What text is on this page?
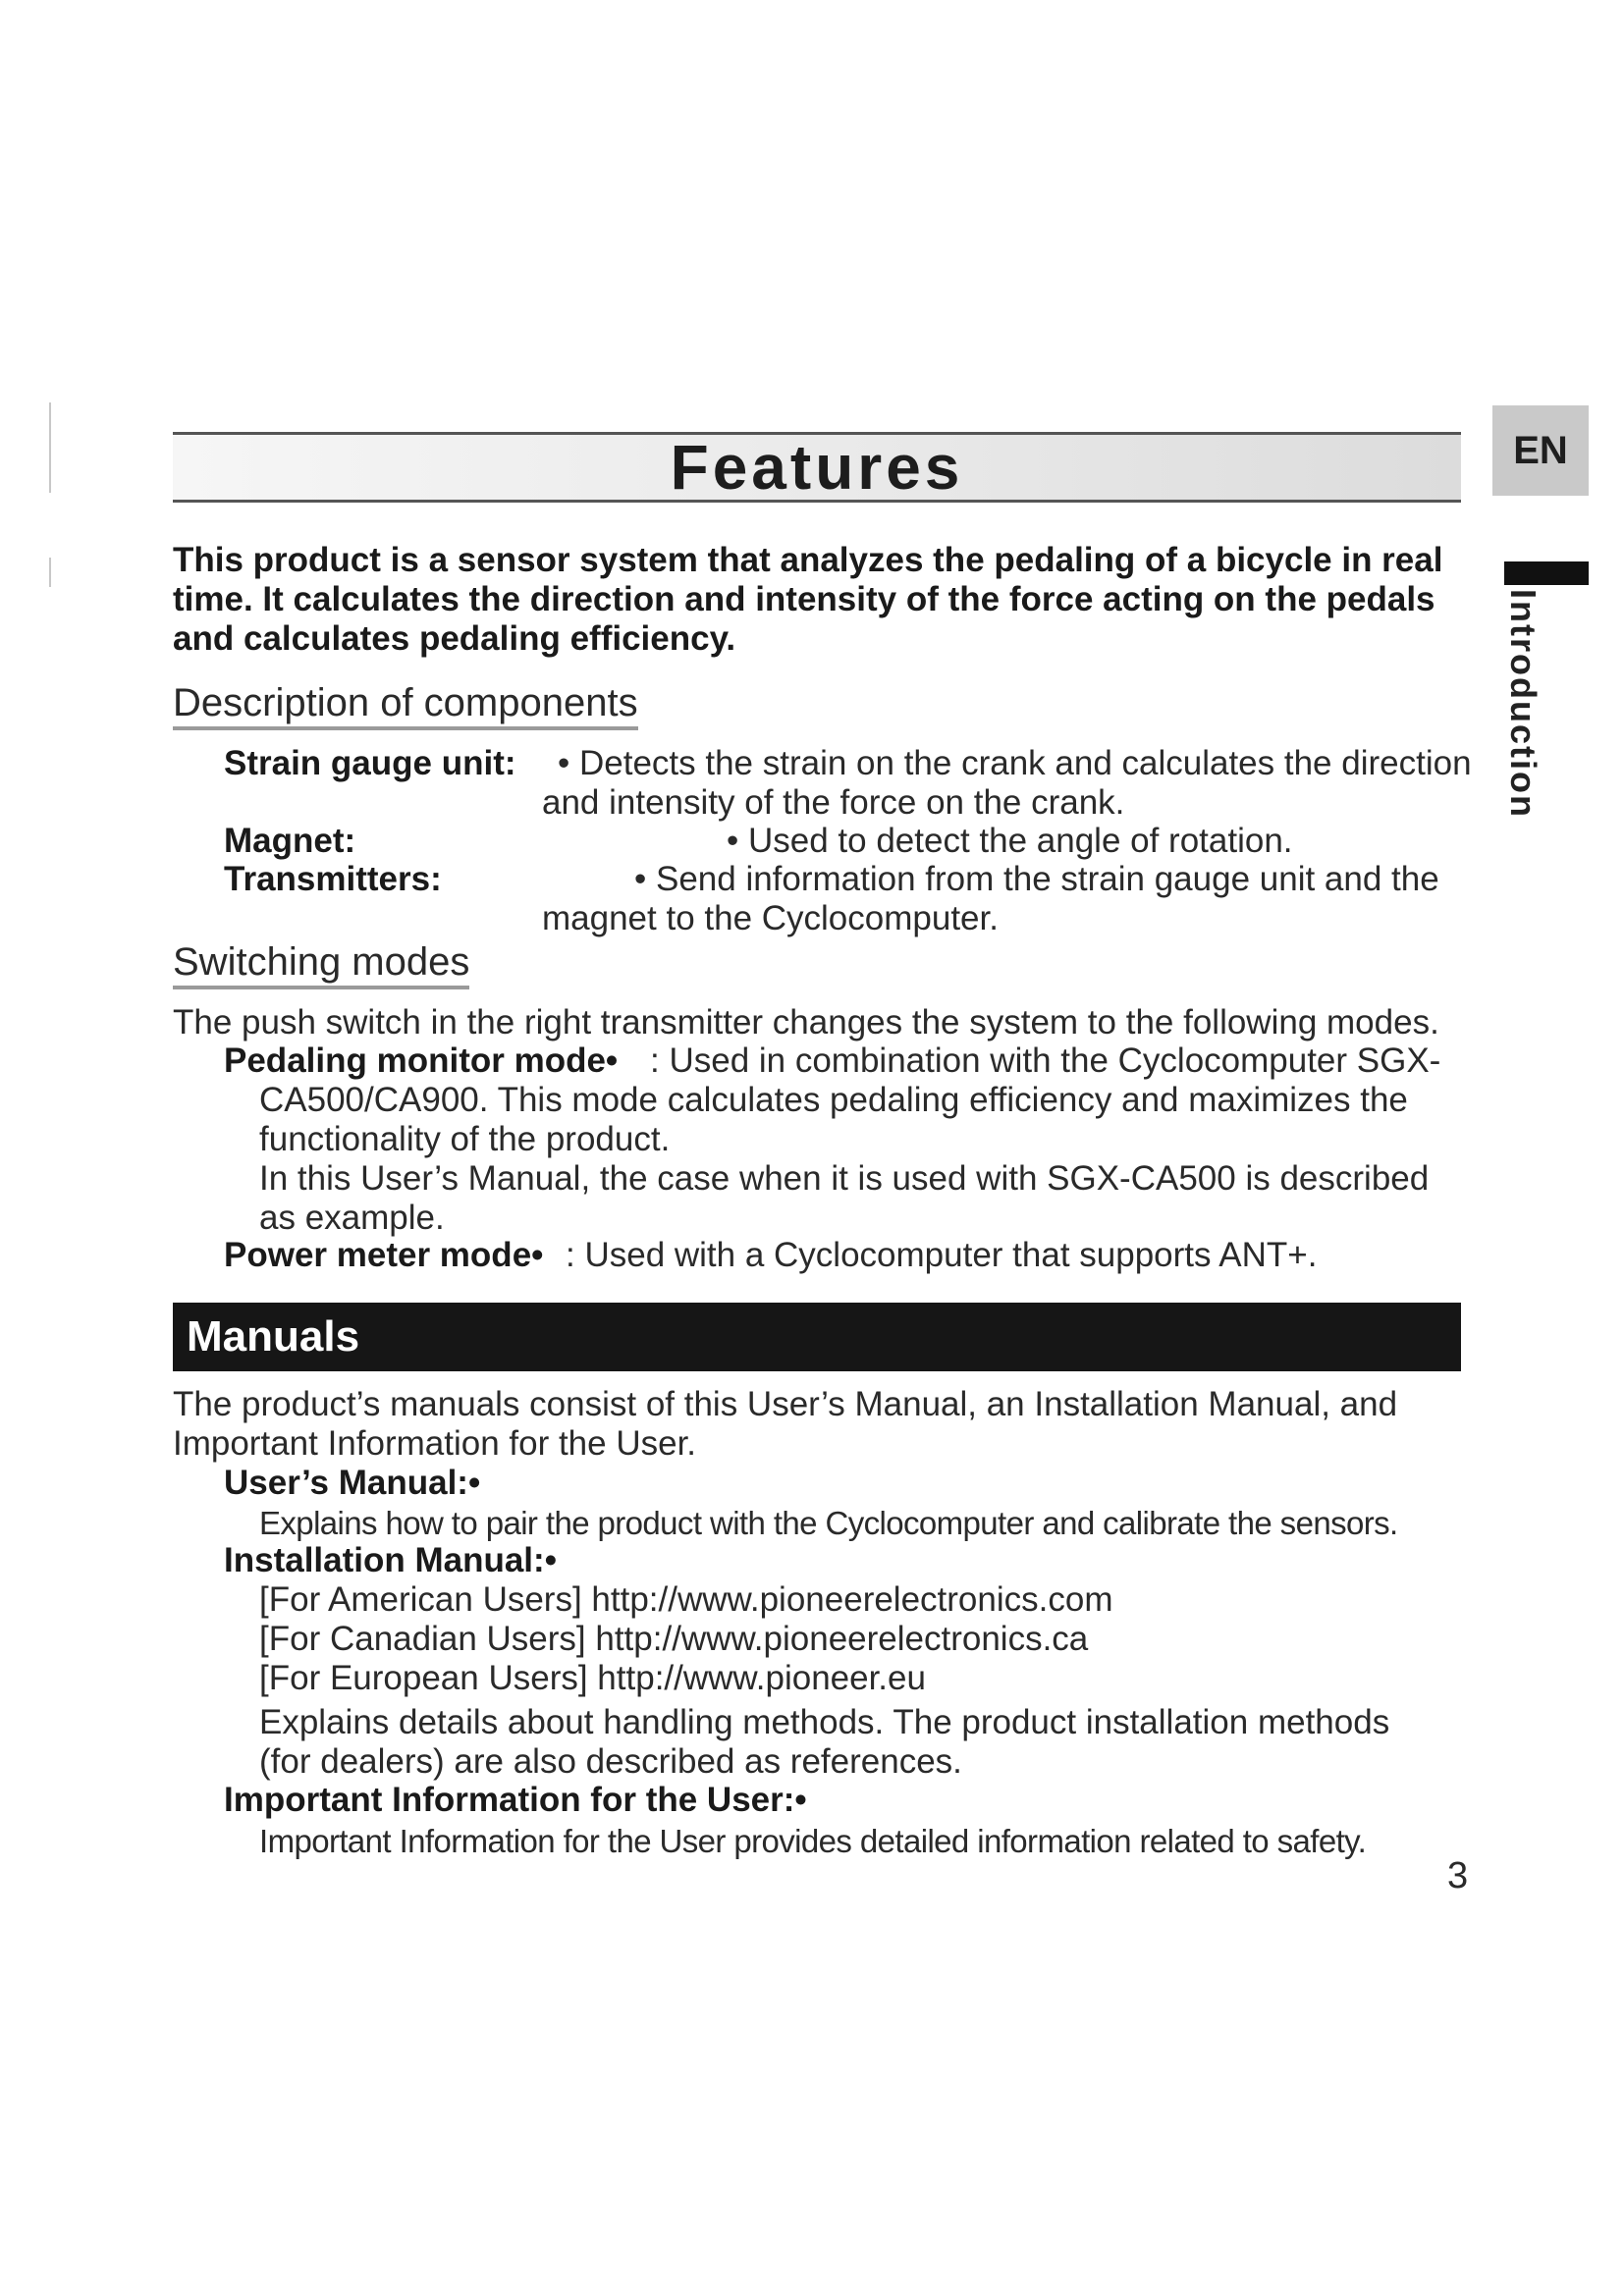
Features	EN
Introduction
This product is a sensor system that analyzes the pedaling of a bicycle in real time. It calculates the direction and intensity of the force acting on the pedals and calculates pedaling efficiency.
Description of components
Strain gauge unit: • Detects the strain on the crank and calculates the direction
and intensity of the force on the crank.
Magnet:	• Used to detect the angle of rotation.
Transmitters:	• Send information from the strain gauge unit and the
magnet to the Cyclocomputer.
Switching modes
The push switch in the right transmitter changes the system to the following modes.
Pedaling monitor mode• : Used in combination with the Cyclocomputer SGX-
CA500/CA900. This mode calculates pedaling efficiency and maximizes the
functionality of the product.
In this User’s Manual, the case when it is used with SGX-CA500 is described
as example.
Power meter mode• : Used with a Cyclocomputer that supports ANT+.
Manuals
The product’s manuals consist of this User’s Manual, an Installation Manual, and
Important Information for the User.
User’s Manual:•
Explains how to pair the product with the Cyclocomputer and calibrate the sensors.
Installation Manual:•
[For American Users] http://www.pioneerelectronics.com
[For Canadian Users] http://www.pioneerelectronics.ca
[For European Users] http://www.pioneer.eu
Explains details about handling methods. The product installation methods
(for dealers) are also described as references.
Important Information for the User:•
Important Information for the User provides detailed information related to safety.
3
